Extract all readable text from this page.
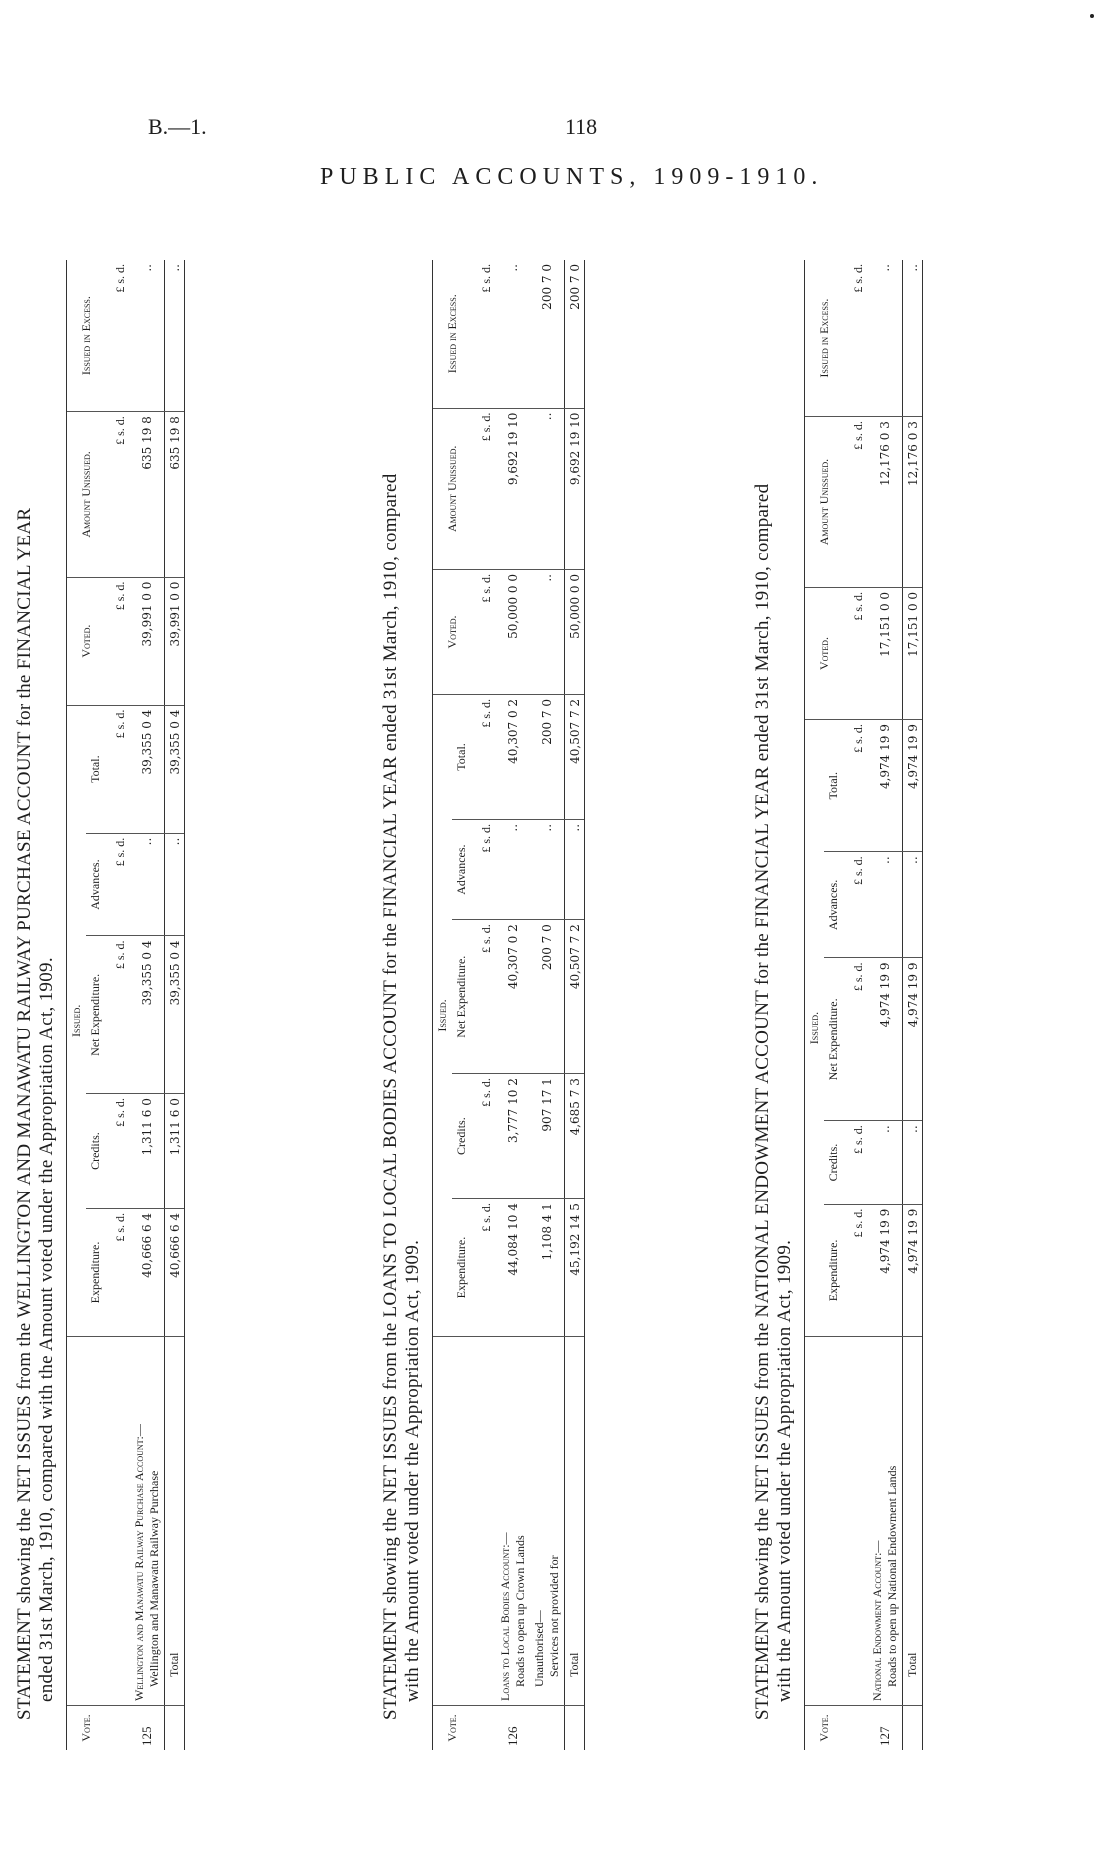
B.—1.	118
PUBLIC ACCOUNTS, 1909-1910.
STATEMENT showing the NET ISSUES from the WELLINGTON AND MANAWATU RAILWAY PURCHASE ACCOUNT for the FINANCIAL YEAR ended 31st March, 1910, compared with the Amount voted under the Appropriation Act, 1909.
Vote.		Issued.					Voted.	Amount Unissued.	Issued in Excess.
		Expenditure.	Credits.	Net Expenditure.	Advances.	Total.			
		£ s. d.	£ s. d.	£ s. d.	£ s. d.	£ s. d.	£ s. d.	£ s. d.	£ s. d.
125	Wellington and Manawatu Railway Purchase Account:— Wellington and Manawatu Railway Purchase	40,666 6 4	1,311 6 0	39,355 0 4	..	39,355 0 4	39,991 0 0	635 19 8	..

	Total	40,666 6 4	1,311 6 0	39,355 0 4	..	39,355 0 4	39,991 0 0	635 19 8	..
STATEMENT showing the NET ISSUES from the LOANS TO LOCAL BODIES ACCOUNT for the FINANCIAL YEAR ended 31st March, 1910, compared with the Amount voted under the Appropriation Act, 1909.
Vote.		Issued.					Voted.	Amount Unissued.	Issued in Excess.
		Expenditure.	Credits.	Net Expenditure.	Advances.	Total.			
		£ s. d.	£ s. d.	£ s. d.	£ s. d.	£ s. d.	£ s. d.	£ s. d.	£ s. d.
126	Loans to Local Bodies Account:— Roads to open up Crown Lands	44,084 10 4	3,777 10 2	40,307 0 2	..	40,307 0 2	50,000 0 0	9,692 19 10	..

	Unauthorised— Services not provided for	1,108 4 1	907 17 1	200 7 0	..	200 7 0	..	..	200 7 0

	Total	45,192 14 5	4,685 7 3	40,507 7 2	..	40,507 7 2	50,000 0 0	9,692 19 10	200 7 0
STATEMENT showing the NET ISSUES from the NATIONAL ENDOWMENT ACCOUNT for the FINANCIAL YEAR ended 31st March, 1910, compared with the Amount voted under the Appropriation Act, 1909.
Vote.		Issued.					Voted.	Amount Unissued.	Issued in Excess.
		Expenditure.	Credits.	Net Expenditure.	Advances.	Total.			
		£ s. d.	£ s. d.	£ s. d.	£ s. d.	£ s. d.	£ s. d.	£ s. d.	£ s. d.
127	National Endowment Account:— Roads to open up National Endowment Lands	4,974 19 9	..	4,974 19 9	..	4,974 19 9	17,151 0 0	12,176 0 3	..

	Total	4,974 19 9	..	4,974 19 9	..	4,974 19 9	17,151 0 0	12,176 0 3	..
